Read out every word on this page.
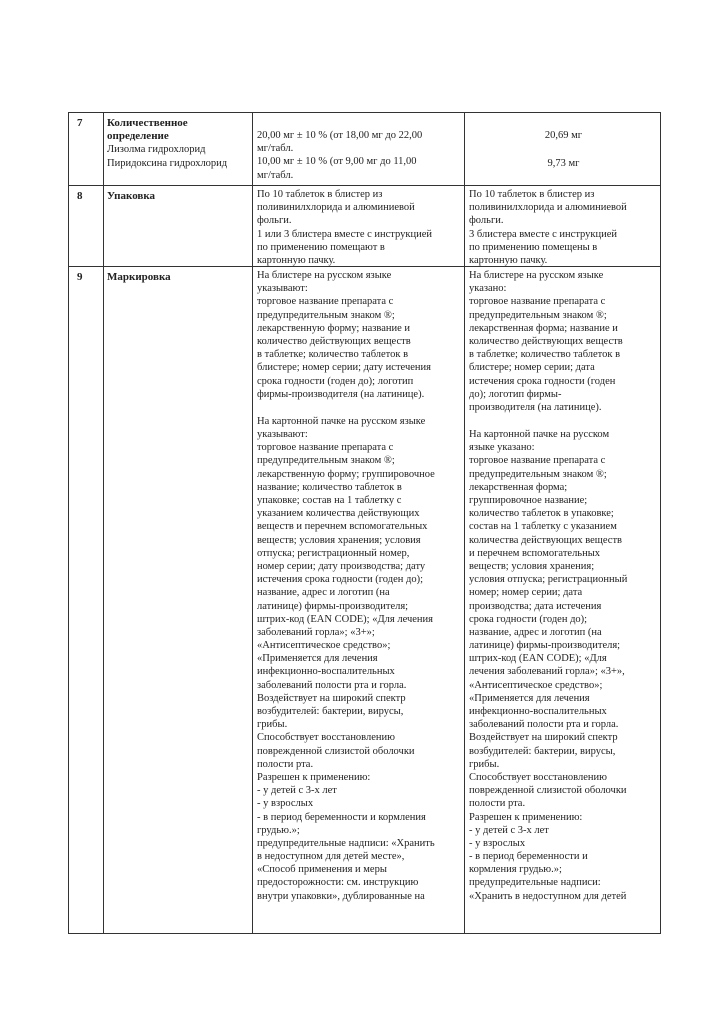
7 Количественное
определение
Лизолма гидрохлорид
Пиридоксина гидрохлорид
20,00 мг ± 10 % (от 18,00 мг до 22,00
мг/табл.
10,00 мг ± 10 % (от 9,00 мг до 11,00
мг/табл.
20,69 мг
9,73 мг
8 Упаковка	По 10 таблеток в блистер из
поливинилхлорида и алюминиевой
фольги.
1 или 3 блистера вместе с инструкцией
по применению помещают в
картонную пачку.
По 10 таблеток в блистер из
поливинилхлорида и алюминиевой
фольги.
3 блистера вместе с инструкцией
по применению помещены в
картонную пачку.
9 Маркировка	На блистере на русском языке
указывают:
торговое название препарата с
предупредительным знаком ®;
лекарственную форму; название и
количество действующих веществ
в таблетке; количество таблеток в
блистере; номер серии; дату истечения
срока годности (годен до); логотип
фирмы-производителя (на латинице).
На картонной пачке на русском языке
указывают:
торговое название препарата с
предупредительным знаком ®;
лекарственную форму; группировочное
название; количество таблеток в
упаковке; состав на 1 таблетку с
указанием количества действующих
веществ и перечнем вспомогательных
веществ; условия хранения; условия
отпуска; регистрационный номер,
номер серии; дату производства; дату
истечения срока годности (годен до);
название, адрес и логотип (на
латинице) фирмы-производителя;
штрих-код (EAN CODE); «Для лечения
заболеваний горла»; «3+»;
«Антисептическое средство»;
«Применяется для лечения
инфекционно-воспалительных
заболеваний полости рта и горла.
Воздействует на широкий спектр
возбудителей: бактерии, вирусы,
грибы.
Способствует восстановлению
поврежденной слизистой оболочки
полости рта.
Разрешен к применению:
- у детей с 3-х лет
- у взрослых
- в период беременности и кормления
грудью.»;
предупредительные надписи: «Хранить
в недоступном для детей месте»,
«Способ применения и меры
предосторожности: см. инструкцию
внутри упаковки», дублированные на
На блистере на русском языке
указано:
торговое название препарата с
предупредительным знаком ®;
лекарственная форма; название и
количество действующих веществ
в таблетке; количество таблеток в
блистере; номер серии; дата
истечения срока годности (годен
до); логотип фирмы-
производителя (на латинице).
На картонной пачке на русском
языке указано:
торговое название препарата с
предупредительным знаком ®;
лекарственная форма;
группировочное название;
количество таблеток в упаковке;
состав на 1 таблетку с указанием
количества действующих веществ
и перечнем вспомогательных
веществ; условия хранения;
условия отпуска; регистрационный
номер; номер серии; дата
производства; дата истечения
срока годности (годен до);
название, адрес и логотип (на
латинице) фирмы-производителя;
штрих-код (EAN CODE); «Для
лечения заболеваний горла»; «3+»,
«Антисептическое средство»;
«Применяется для лечения
инфекционно-воспалительных
заболеваний полости рта и горла.
Воздействует на широкий спектр
возбудителей: бактерии, вирусы,
грибы.
Способствует восстановлению
поврежденной слизистой оболочки
полости рта.
Разрешен к применению:
- у детей с 3-х лет
- у взрослых
- в период беременности и
кормления грудью.»;
предупредительные надписи:
«Хранить в недоступном для детей
